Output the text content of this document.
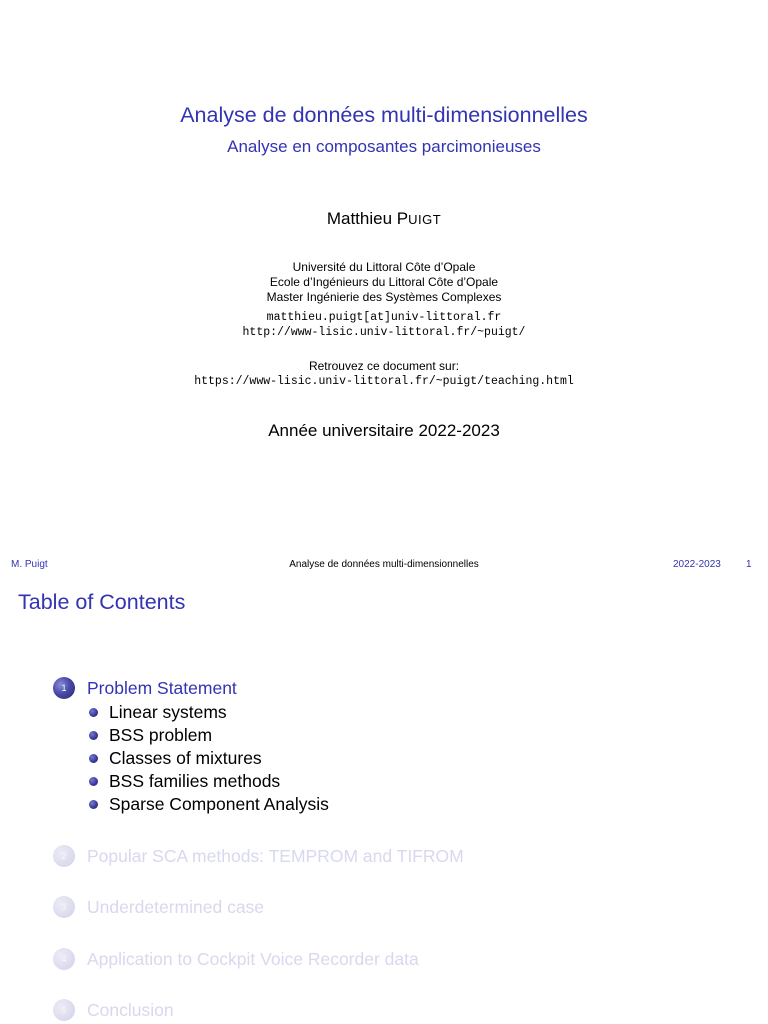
Analyse de données multi-dimensionnelles
Analyse en composantes parcimonieuses
Matthieu PUIGT
Université du Littoral Côte d’Opale
Ecole d’Ingénieurs du Littoral Côte d’Opale
Master Ingénierie des Systèmes Complexes
matthieu.puigt[at]univ-littoral.fr
http://www-lisic.univ-littoral.fr/~puigt/
Retrouvez ce document sur:
https://www-lisic.univ-littoral.fr/~puigt/teaching.html
Année universitaire 2022-2023
Analyse de données multi-dimensionnelles
M. Puigt	2022-2023	1
Table of Contents
1	Problem Statement
Linear systems
BSS problem
Classes of mixtures
BSS families methods
Sparse Component Analysis
2	Popular SCA methods: TEMPROM and TIFROM
3	Underdetermined case
4	Application to Cockpit Voice Recorder data
5	Conclusion
